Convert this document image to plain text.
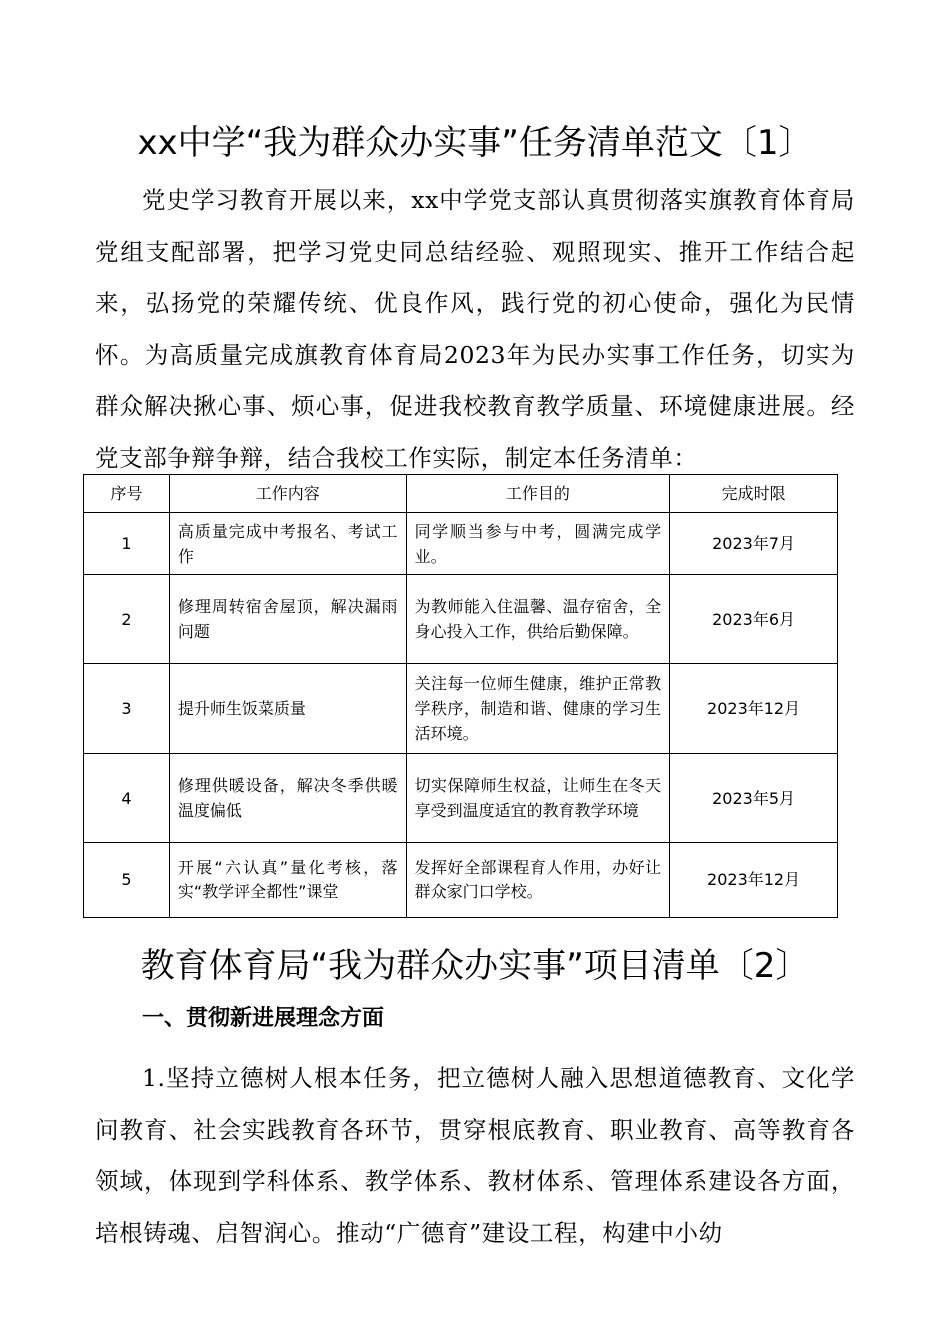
xx中学“我为群众办实事”任务清单范文〔1〕
党史学习教育开展以来，xx中学党支部认真贯彻落实旗教育体育局党组支配部署，把学习党史同总结经验、观照现实、推开工作结合起来，弘扬党的荣耀传统、优良作风，践行党的初心使命，强化为民情怀。为高质量完成旗教育体育局2023年为民办实事工作任务，切实为群众解决揪心事、烦心事，促进我校教育教学质量、环境健康进展。经党支部争辩争辩，结合我校工作实际，制定本任务清单：
序号	工作内容	工作目的	完成时限
1	高质量完成中考报名、考试工作	同学顺当参与中考，圆满完成学业。	2023年7月
2	修理周转宿舍屋顶，解决漏雨问题	为教师能入住温馨、温存宿舍，全身心投入工作，供给后勤保障。	2023年6月
3	提升师生饭菜质量	关注每一位师生健康，维护正常教学秩序，制造和谐、健康的学习生活环境。	2023年12月
4	修理供暖设备，解决冬季供暖温度偏低	切实保障师生权益，让师生在冬天享受到温度适宜的教育教学环境	2023年5月
5	开展“六认真”量化考核，落实“教学评全都性”课堂	发挥好全部课程育人作用，办好让群众家门口学校。	2023年12月
教育体育局“我为群众办实事”项目清单〔2〕
一、贯彻新进展理念方面
1.坚持立德树人根本任务，把立德树人融入思想道德教育、文化学问教育、社会实践教育各环节，贯穿根底教育、职业教育、高等教育各领域，体现到学科体系、教学体系、教材体系、管理体系建设各方面，培根铸魂、启智润心。推动“广德育”建设工程，构建中小幼
